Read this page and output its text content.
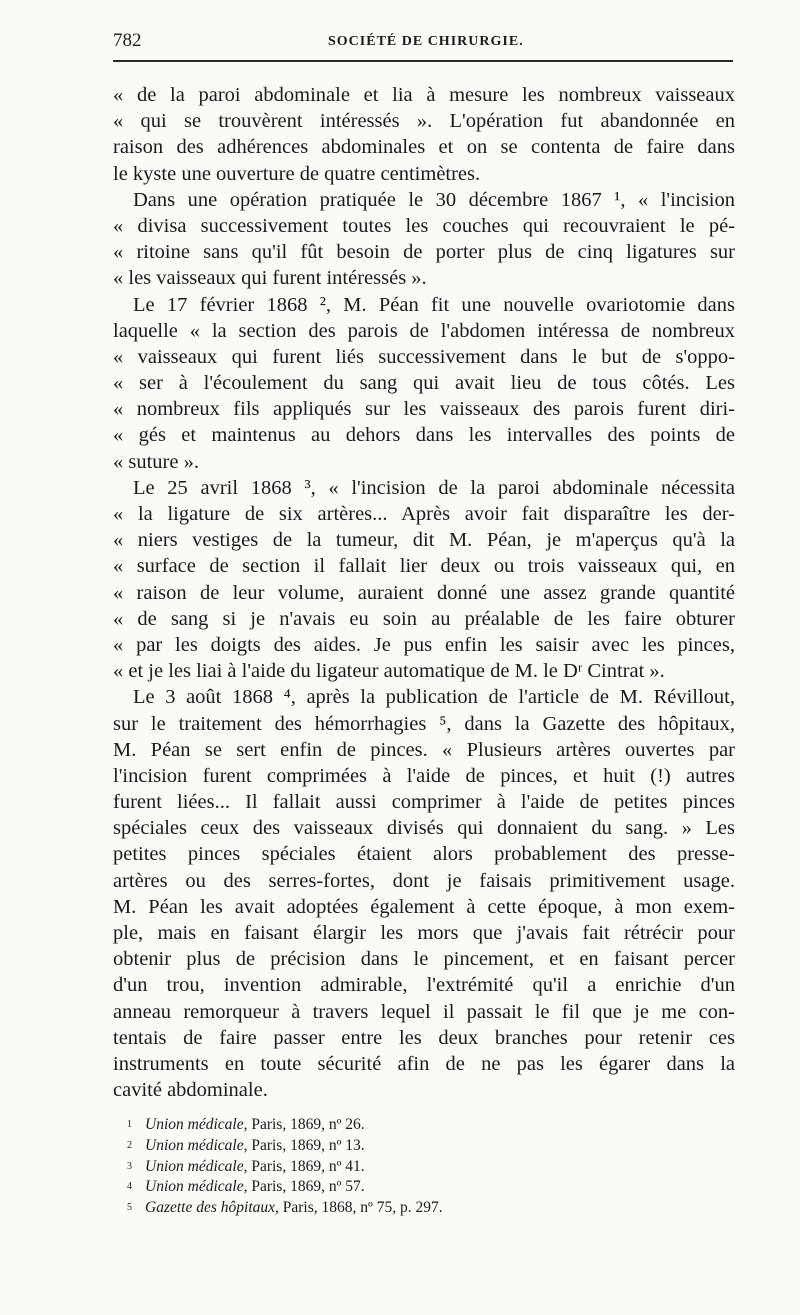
782	SOCIÉTÉ DE CHIRURGIE.
« de la paroi abdominale et lia à mesure les nombreux vaisseaux
« qui se trouvèrent intéressés ». L'opération fut abandonnée en
raison des adhérences abdominales et on se contenta de faire dans
le kyste une ouverture de quatre centimètres.
Dans une opération pratiquée le 30 décembre 1867 ¹, « l'incision
« divisa successivement toutes les couches qui recouvraient le pé-
« ritoine sans qu'il fût besoin de porter plus de cinq ligatures sur
« les vaisseaux qui furent intéressés ».
Le 17 février 1868 ², M. Péan fit une nouvelle ovariotomie dans
laquelle « la section des parois de l'abdomen intéressa de nombreux
« vaisseaux qui furent liés successivement dans le but de s'oppo-
« ser à l'écoulement du sang qui avait lieu de tous côtés. Les
« nombreux fils appliqués sur les vaisseaux des parois furent diri-
« gés et maintenus au dehors dans les intervalles des points de
« suture ».
Le 25 avril 1868 ³, « l'incision de la paroi abdominale nécessita
« la ligature de six artères... Après avoir fait disparaître les der-
« niers vestiges de la tumeur, dit M. Péan, je m'aperçus qu'à la
« surface de section il fallait lier deux ou trois vaisseaux qui, en
« raison de leur volume, auraient donné une assez grande quantité
« de sang si je n'avais eu soin au préalable de les faire obturer
« par les doigts des aides. Je pus enfin les saisir avec les pinces,
« et je les liai à l'aide du ligateur automatique de M. le Dʳ Cintrat ».
Le 3 août 1868 ⁴, après la publication de l'article de M. Révillout,
sur le traitement des hémorrhagies ⁵, dans la Gazette des hôpitaux,
M. Péan se sert enfin de pinces. « Plusieurs artères ouvertes par
l'incision furent comprimées à l'aide de pinces, et huit (!) autres
furent liées... Il fallait aussi comprimer à l'aide de petites pinces
spéciales ceux des vaisseaux divisés qui donnaient du sang. » Les
petites pinces spéciales étaient alors probablement des presse-
artères ou des serres-fortes, dont je faisais primitivement usage.
M. Péan les avait adoptées également à cette époque, à mon exem-
ple, mais en faisant élargir les mors que j'avais fait rétrécir pour
obtenir plus de précision dans le pincement, et en faisant percer
d'un trou, invention admirable, l'extrémité qu'il a enrichie d'un
anneau remorqueur à travers lequel il passait le fil que je me con-
tentais de faire passer entre les deux branches pour retenir ces
instruments en toute sécurité afin de ne pas les égarer dans la
cavité abdominale.
1 Union médicale, Paris, 1869, nº 26.
2 Union médicale, Paris, 1869, nº 13.
3 Union médicale, Paris, 1869, nº 41.
4 Union médicale, Paris, 1869, nº 57.
5 Gazette des hôpitaux, Paris, 1868, nº 75, p. 297.
